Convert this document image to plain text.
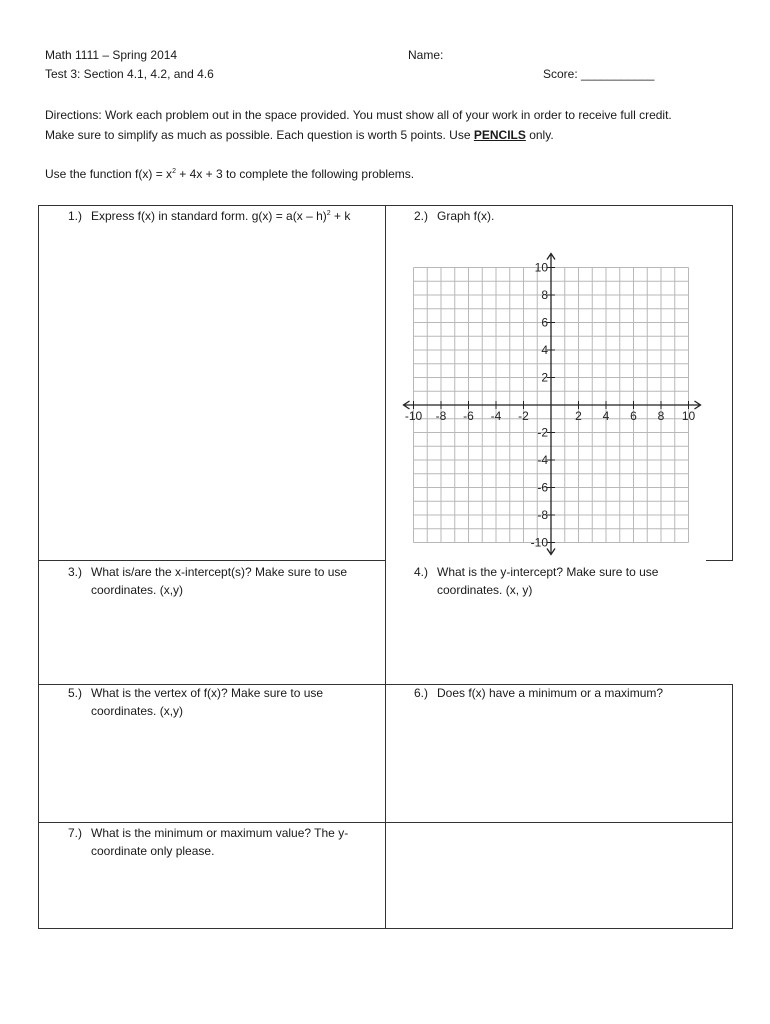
Math 1111 – Spring 2014
Test 3: Section 4.1, 4.2, and 4.6
Name:
Score: ___________
Directions: Work each problem out in the space provided. You must show all of your work in order to receive full credit.
Make sure to simplify as much as possible. Each question is worth 5 points. Use PENCILS only.
Use the function $f(x) = x^2 + 4x + 3$ to complete the following problems.
1.) Express f(x) in standard form. g(x) = a(x – h)$^2$ + k	2.) Graph f(x).
3.) What is/are the x-intercept(s)? Make sure to use coordinates. (x,y)
4.) What is the y-intercept? Make sure to use coordinates. (x, y)
5.) What is the vertex of f(x)? Make sure to use coordinates. (x,y)
6.) Does f(x) have a minimum or a maximum?
7.) What is the minimum or maximum value? The y-coordinate only please.
-10 -8 -6 -4 -2	2 4 6 8 10
10
8
6
4
2
-2
-4
-6
-8
-10
